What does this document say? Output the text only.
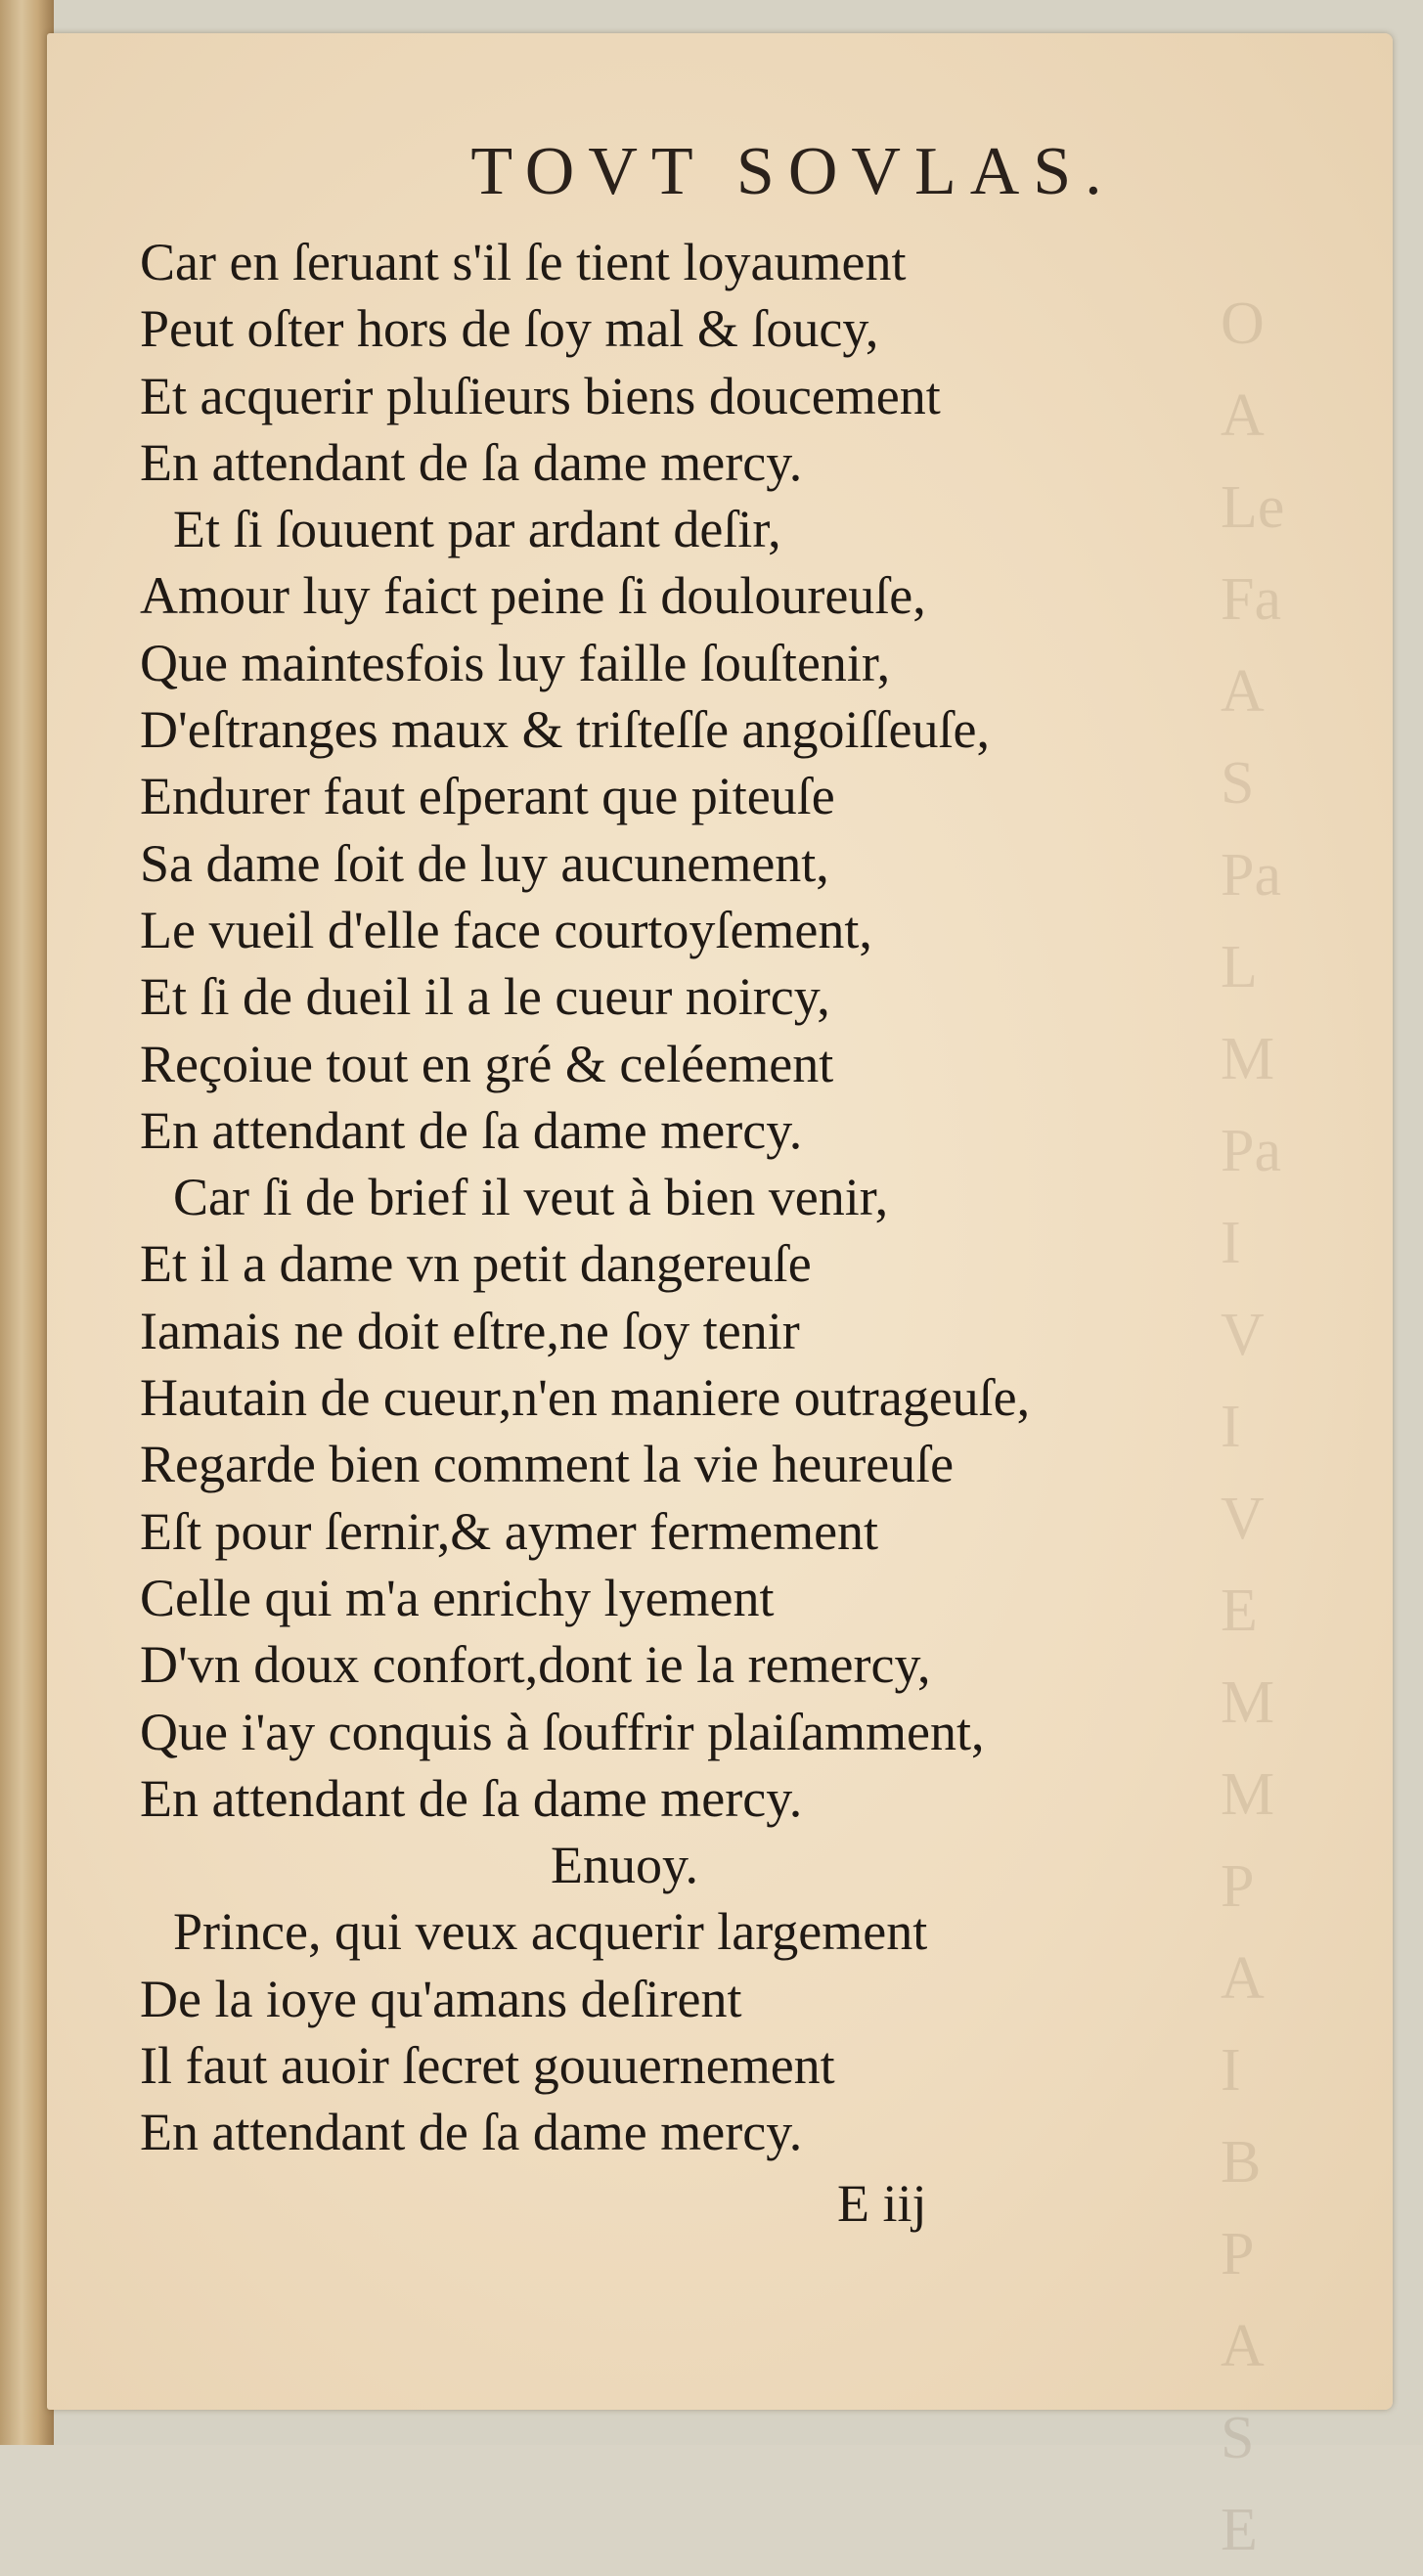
O
A
Le
Fa
A
S
Pa
L
M
Pa
I
V
I
V
E
M
M
P
A
I
B
P
A
S
E
TOVT SOVLAS.
Car en ſeruant s'il ſe tient loyaument
Peut oſter hors de ſoy mal & ſoucy,
Et acquerir pluſieurs biens doucement
En attendant de ſa dame mercy.
Et ſi ſouuent par ardant deſir,
Amour luy faict peine ſi douloureuſe,
Que maintesfois luy faille ſouſtenir,
D'eſtranges maux & triſteſſe angoiſſeuſe,
Endurer faut eſperant que piteuſe
Sa dame ſoit de luy aucunement,
Le vueil d'elle face courtoyſement,
Et ſi de dueil il a le cueur noircy,
Reçoiue tout en gré & celéement
En attendant de ſa dame mercy.
Car ſi de brief il veut à bien venir,
Et il a dame vn petit dangereuſe
Iamais ne doit eſtre,ne ſoy tenir
Hautain de cueur,n'en maniere outrageuſe,
Regarde bien comment la vie heureuſe
Eſt pour ſernir,& aymer fermement
Celle qui m'a enrichy lyement
D'vn doux confort,dont ie la remercy,
Que i'ay conquis à ſouffrir plaiſamment,
En attendant de ſa dame mercy.
Enuoy.
Prince, qui veux acquerir largement
De la ioye qu'amans deſirent
Il faut auoir ſecret gouuernement
En attendant de ſa dame mercy.
E iij
